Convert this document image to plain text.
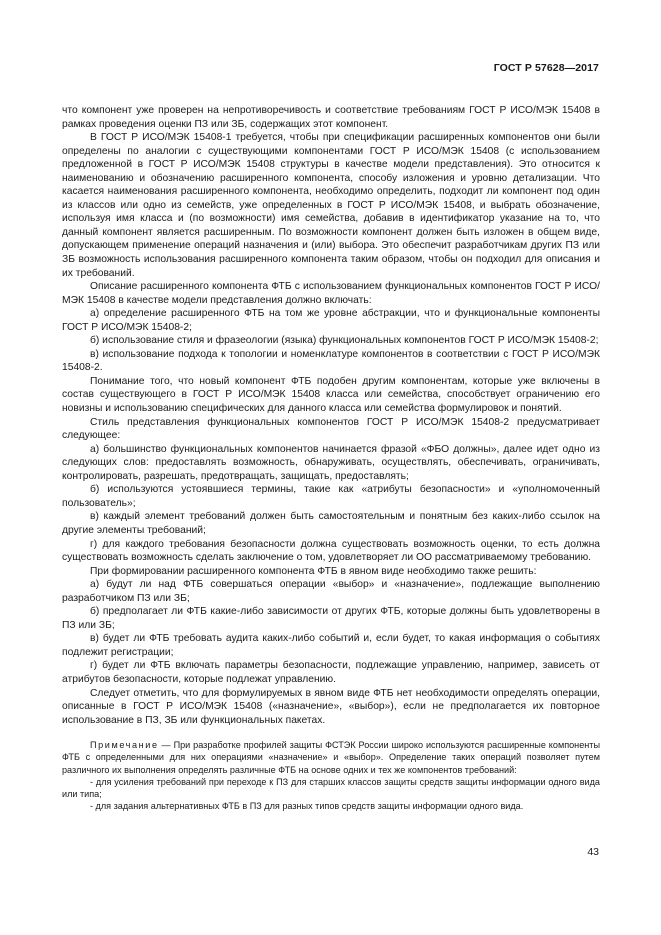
ГОСТ Р 57628—2017

что компонент уже проверен на непротиворечивость и соответствие требованиям ГОСТ Р ИСО/МЭК 15408 в рамках проведения оценки ПЗ или ЗБ, содержащих этот компонент.

В ГОСТ Р ИСО/МЭК 15408-1 требуется, чтобы при спецификации расширенных компонентов они были определены по аналогии с существующими компонентами ГОСТ Р ИСО/МЭК 15408 (с использованием предложенной в ГОСТ Р ИСО/МЭК 15408 структуры в качестве модели представления). Это относится к наименованию и обозначению расширенного компонента, способу изложения и уровню детализации. Что касается наименования расширенного компонента, необходимо определить, подходит ли компонент под один из классов или одно из семейств, уже определенных в ГОСТ Р ИСО/МЭК 15408, и выбрать обозначение, используя имя класса и (по возможности) имя семейства, добавив в идентификатор указание на то, что данный компонент является расширенным. По возможности компонент должен быть изложен в общем виде, допускающем применение операций назначения и (или) выбора. Это обеспечит разработчикам других ПЗ или ЗБ возможность использования расширенного компонента таким образом, чтобы он подходил для описания и их требований.

Описание расширенного компонента ФТБ с использованием функциональных компонентов ГОСТ Р ИСО/МЭК 15408 в качестве модели представления должно включать:

а) определение расширенного ФТБ на том же уровне абстракции, что и функциональные компоненты ГОСТ Р ИСО/МЭК 15408-2;

б) использование стиля и фразеологии (языка) функциональных компонентов ГОСТ Р ИСО/МЭК 15408-2;

в) использование подхода к топологии и номенклатуре компонентов в соответствии с ГОСТ Р ИСО/МЭК 15408-2.

Понимание того, что новый компонент ФТБ подобен другим компонентам, которые уже включены в состав существующего в ГОСТ Р ИСО/МЭК 15408 класса или семейства, способствует ограничению его новизны и использованию специфических для данного класса или семейства формулировок и понятий.

Стиль представления функциональных компонентов ГОСТ Р ИСО/МЭК 15408-2 предусматривает следующее:

а) большинство функциональных компонентов начинается фразой «ФБО должны», далее идет одно из следующих слов: предоставлять возможность, обнаруживать, осуществлять, обеспечивать, ограничивать, контролировать, разрешать, предотвращать, защищать, предоставлять;

б) используются устоявшиеся термины, такие как «атрибуты безопасности» и «уполномоченный пользователь»;

в) каждый элемент требований должен быть самостоятельным и понятным без каких-либо ссылок на другие элементы требований;

г) для каждого требования безопасности должна существовать возможность оценки, то есть должна существовать возможность сделать заключение о том, удовлетворяет ли ОО рассматриваемому требованию.

При формировании расширенного компонента ФТБ в явном виде необходимо также решить:

а) будут ли над ФТБ совершаться операции «выбор» и «назначение», подлежащие выполнению разработчиком ПЗ или ЗБ;

б) предполагает ли ФТБ какие-либо зависимости от других ФТБ, которые должны быть удовлетворены в ПЗ или ЗБ;

в) будет ли ФТБ требовать аудита каких-либо событий и, если будет, то какая информация о событиях подлежит регистрации;

г) будет ли ФТБ включать параметры безопасности, подлежащие управлению, например, зависеть от атрибутов безопасности, которые подлежат управлению.

Следует отметить, что для формулируемых в явном виде ФТБ нет необходимости определять операции, описанные в ГОСТ Р ИСО/МЭК 15408 («назначение», «выбор»), если не предполагается их повторное использование в ПЗ, ЗБ или функциональных пакетах.

Примечание — При разработке профилей защиты ФСТЭК России широко используются расширенные компоненты ФТБ с определенными для них операциями «назначение» и «выбор». Определение таких операций позволяет путем различного их выполнения определять различные ФТБ на основе одних и тех же компонентов требований:

- для усиления требований при переходе к ПЗ для старших классов защиты средств защиты информации одного вида или типа;

- для задания альтернативных ФТБ в ПЗ для разных типов средств защиты информации одного вида.

43
